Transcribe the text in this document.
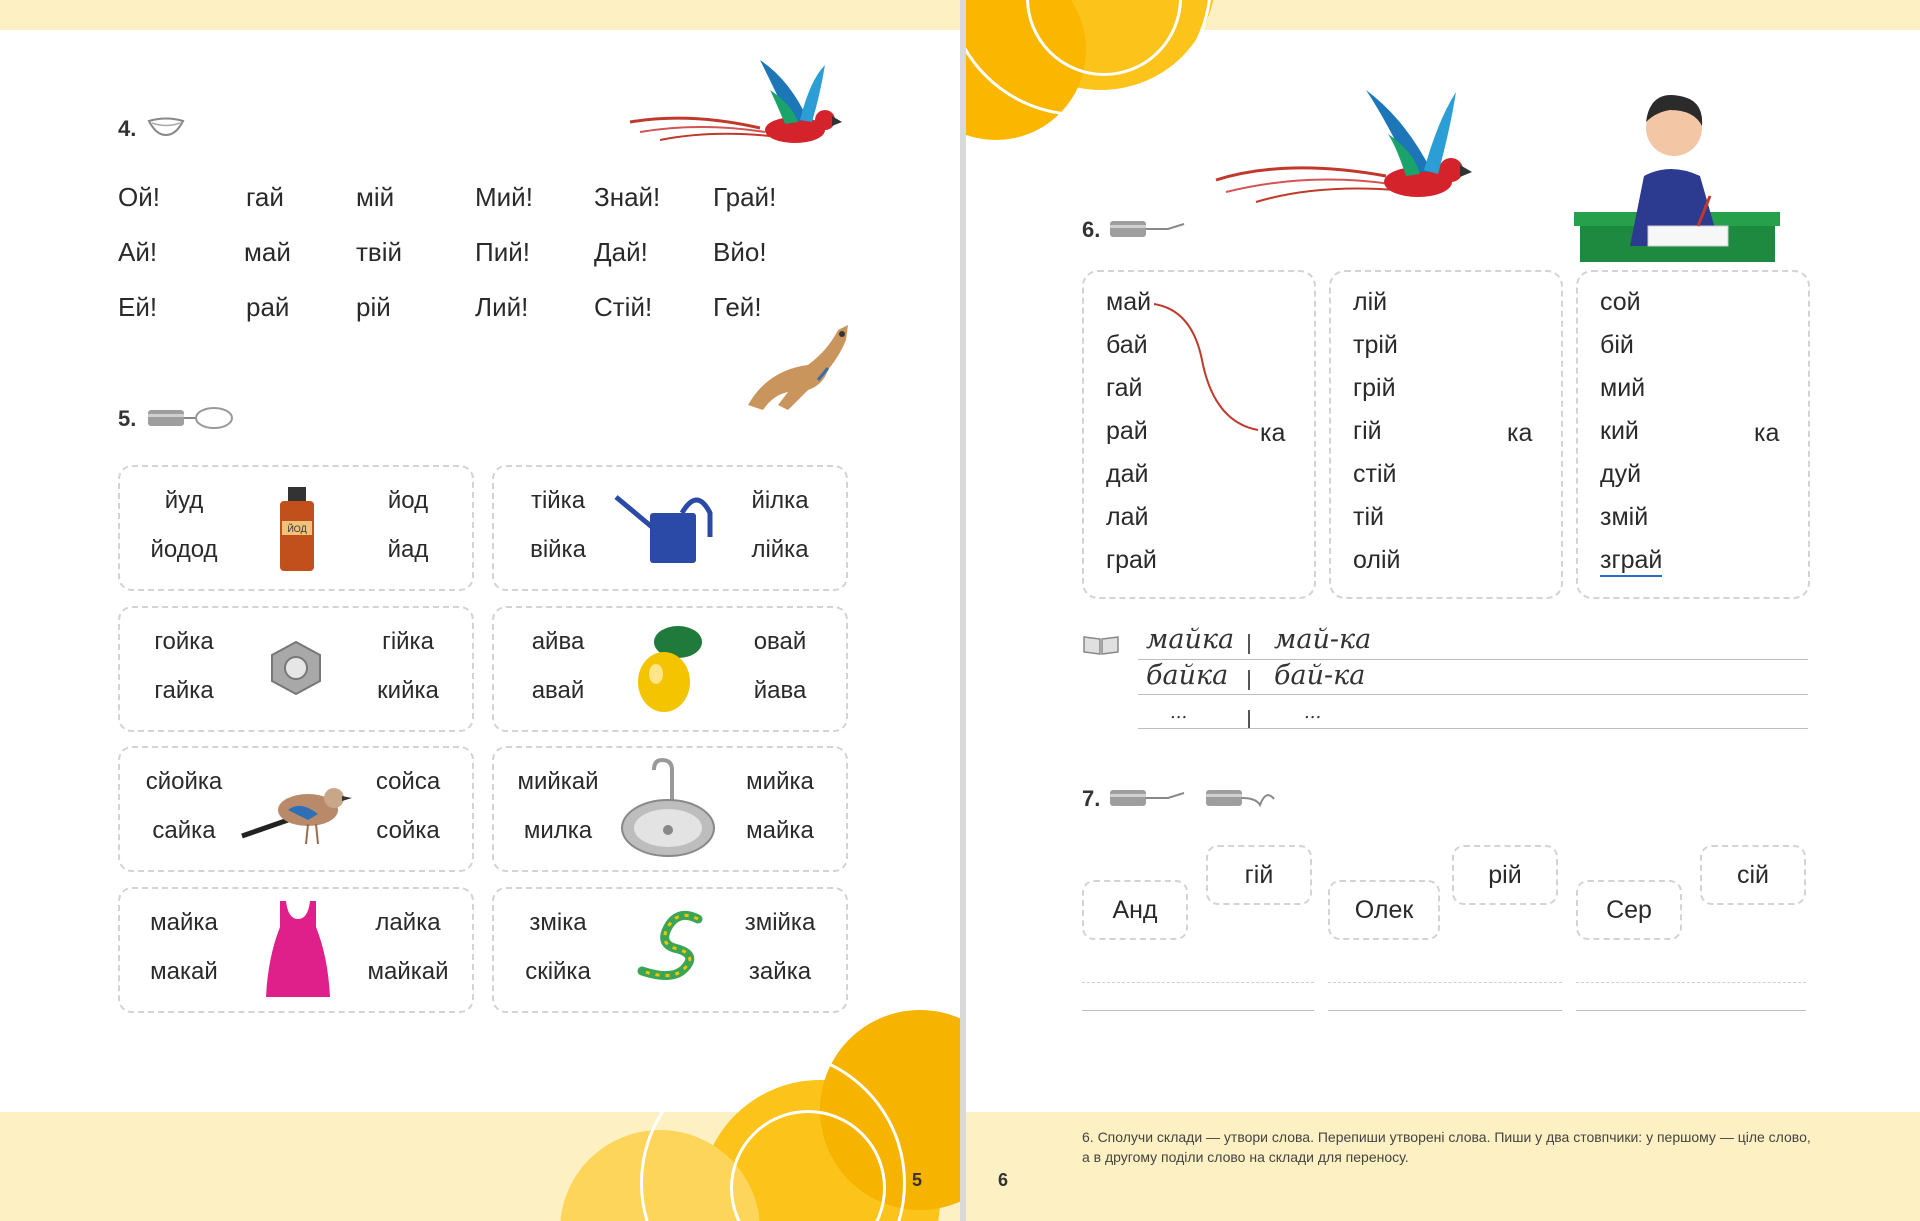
4.
Ой!	гай	мій	Мий! Знай! Грай!
Ай!	май	твій	Пий! Дай!	Вйо!
Ей!	рай	рій	Лий!	Стій! Гей!
5.
йуд	йод
йодод	йад
ЙОД
тійка	йілка
війка	лійка
гойка	гійка
гайка	кийка
айва	овай
авай	йава
сйойка	сойса
сайка	сойка
мийкай	мийка
милка	майка
майка	лайка
макай	майкай
зміка	змійка
скійка	зайка
5
6.
май
бай
гай
рай
дай
лай
грай
ка
лій
трій
грій
гій
стій
тій
олій
ка
сой
бій
мий
кий
дуй
змій
зграй
ка
майка май-ка
байка бай-ка
...	...
7.
гій
Анд
рій
Олек
сій
Сер
6. Сполучи склади — утвори слова. Перепиши утворені слова. Пиши у два стовпчики: у першому — ціле слово, а в другому поділи слово на склади для переносу.
6
